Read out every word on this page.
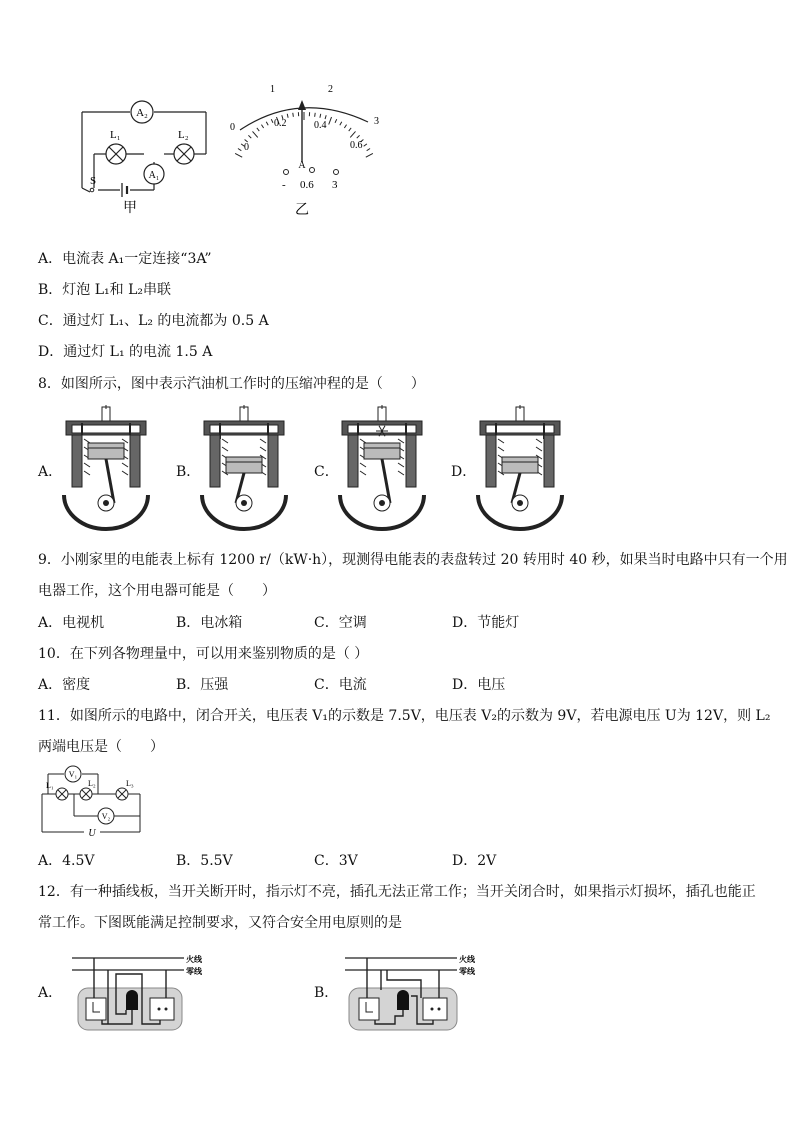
A₂
L₁
A₁
L₂
S
甲
0
1	2
3
0
0.2	0.4
0.6
A
- 0.6 3
乙
A．电流表 A₁一定连接“3A”
B．灯泡 L₁和 L₂串联
C．通过灯 L₁、L₂ 的电流都为 0.5 A
D．通过灯 L₁ 的电流 1.5 A
8．如图所示，图中表示汽油机工作时的压缩冲程的是（　　）
A．	B．	C．	D．
9．小刚家里的电能表上标有 1200 r/（kW·h），现测得电能表的表盘转过 20 转用时 40 秒，如果当时电路中只有一个用
电器工作，这个用电器可能是（　　）
A．电视机	B．电冰箱	C．空调	D．节能灯
10．在下列各物理量中，可以用来鉴别物质的是（ ）
A．密度	B．压强	C．电流	D．电压
11．如图所示的电路中，闭合开关，电压表 V₁的示数是 7.5V，电压表 V₂的示数为 9V，若电源电压 U为 12V，则 L₂
两端电压是（　　）
V₁
V₂
L₁	L₂	L₃
U
A．4.5V	B．5.5V	C．3V	D．2V
12．有一种插线板，当开关断开时，指示灯不亮，插孔无法正常工作；当开关闭合时，如果指示灯损坏，插孔也能正
常工作。下图既能满足控制要求，又符合安全用电原则的是
A．	B．
火线
零线
火线
零线
